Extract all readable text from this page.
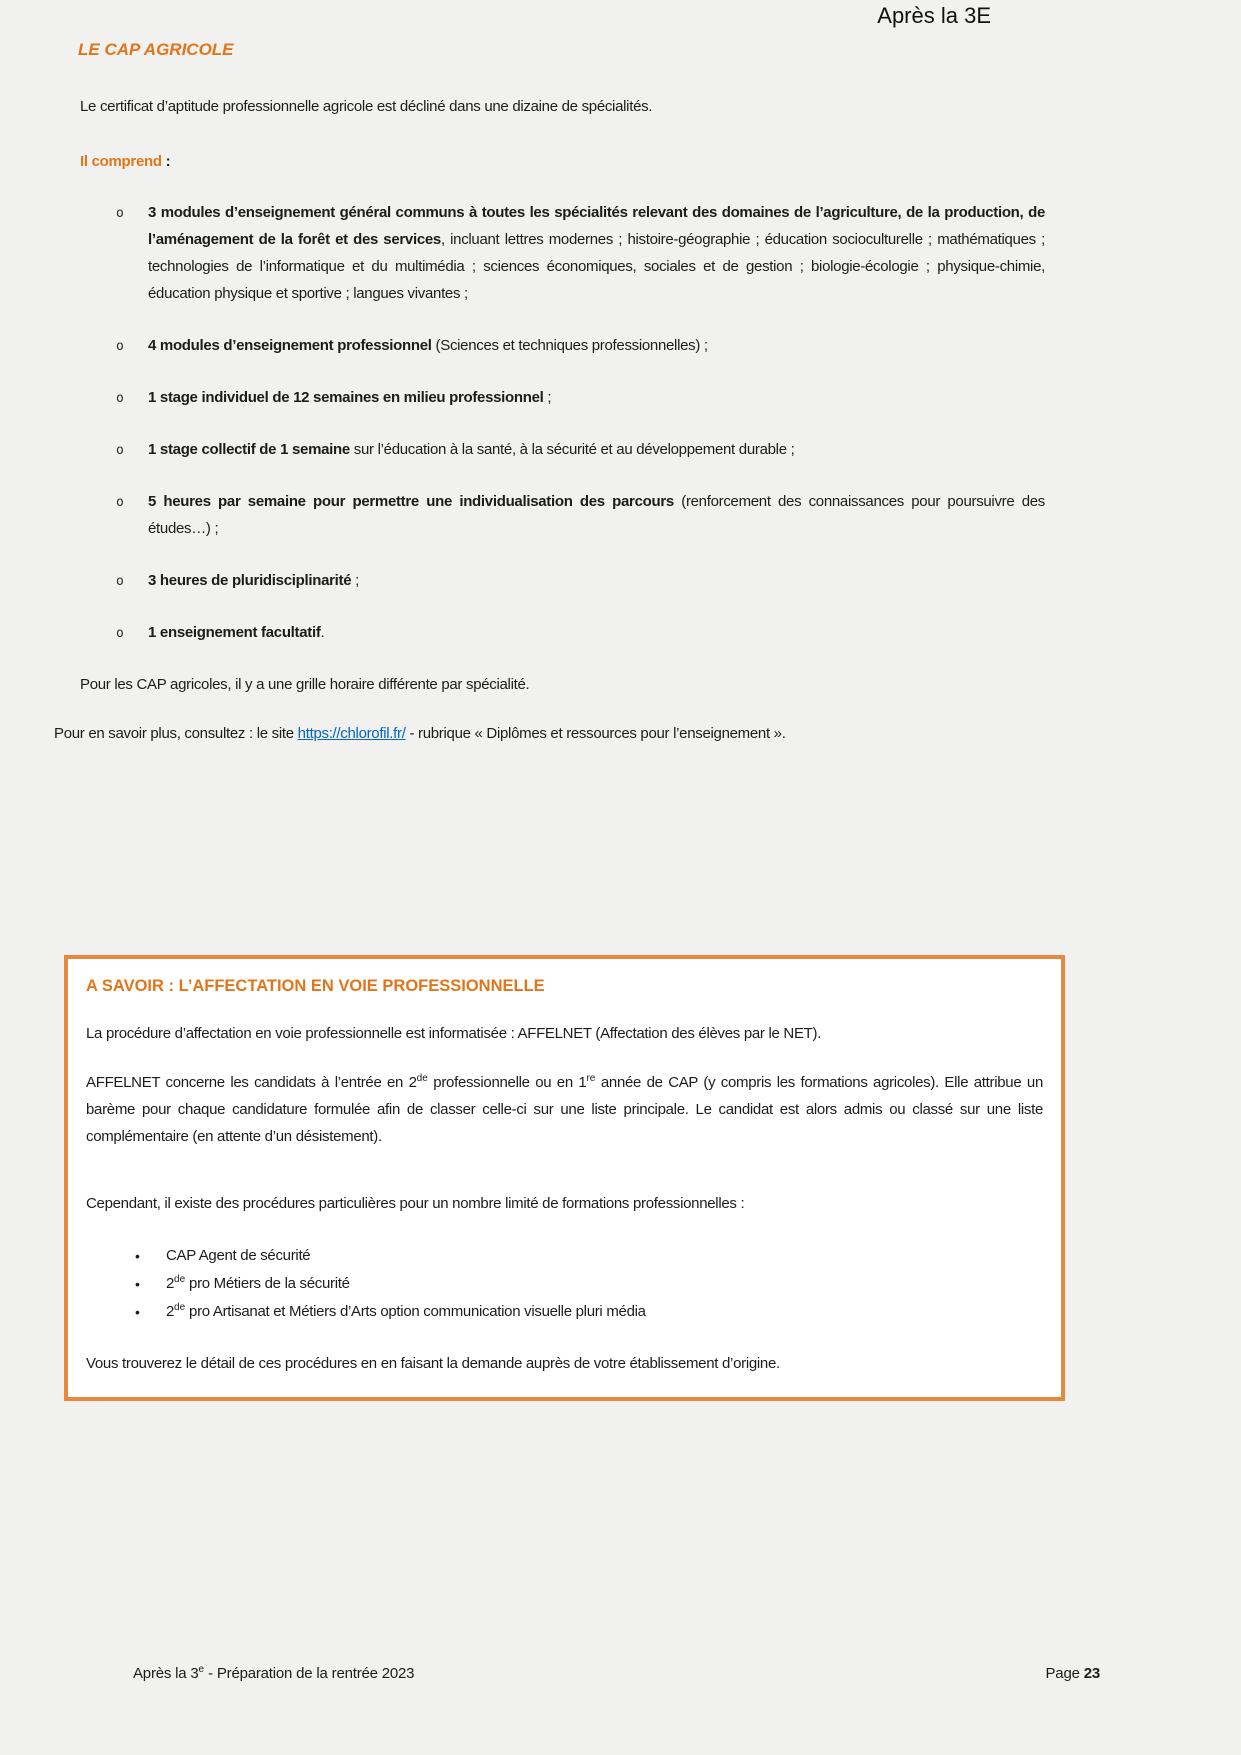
Après la 3E
LE CAP AGRICOLE

Le certificat d’aptitude professionnelle agricole est décliné dans une dizaine de spécialités.

Il comprend :

o 3 modules d’enseignement général communs à toutes les spécialités relevant des domaines de l’agriculture, de la production, de l’aménagement de la forêt et des services, incluant lettres modernes ; histoire-géographie ; éducation socioculturelle ; mathématiques ; technologies de l’informatique et du multimédia ; sciences économiques, sociales et de gestion ; biologie-écologie ; physique-chimie, éducation physique et sportive ; langues vivantes ;
o 4 modules d’enseignement professionnel (Sciences et techniques professionnelles) ;
o 1 stage individuel de 12 semaines en milieu professionnel ;
o 1 stage collectif de 1 semaine sur l’éducation à la santé, à la sécurité et au développement durable ;
o 5 heures par semaine pour permettre une individualisation des parcours (renforcement des connaissances pour poursuivre des études…) ;
o 3 heures de pluridisciplinarité ;
o 1 enseignement facultatif.

Pour les CAP agricoles, il y a une grille horaire différente par spécialité.

Pour en savoir plus, consultez : le site https://chlorofil.fr/ - rubrique « Diplômes et ressources pour l’enseignement ».

A SAVOIR : L’AFFECTATION EN VOIE PROFESSIONNELLE

La procédure d’affectation en voie professionnelle est informatisée : AFFELNET (Affectation des élèves par le NET).

AFFELNET concerne les candidats à l’entrée en 2de professionnelle ou en 1re année de CAP (y compris les formations agricoles). Elle attribue un barème pour chaque candidature formulée afin de classer celle-ci sur une liste principale. Le candidat est alors admis ou classé sur une liste complémentaire (en attente d’un désistement).

Cependant, il existe des procédures particulières pour un nombre limité de formations professionnelles :

• CAP Agent de sécurité
• 2de pro Métiers de la sécurité
• 2de pro Artisanat et Métiers d’Arts option communication visuelle pluri média

Vous trouverez le détail de ces procédures en en faisant la demande auprès de votre établissement d’origine.

Après la 3e - Préparation de la rentrée 2023	Page 23
